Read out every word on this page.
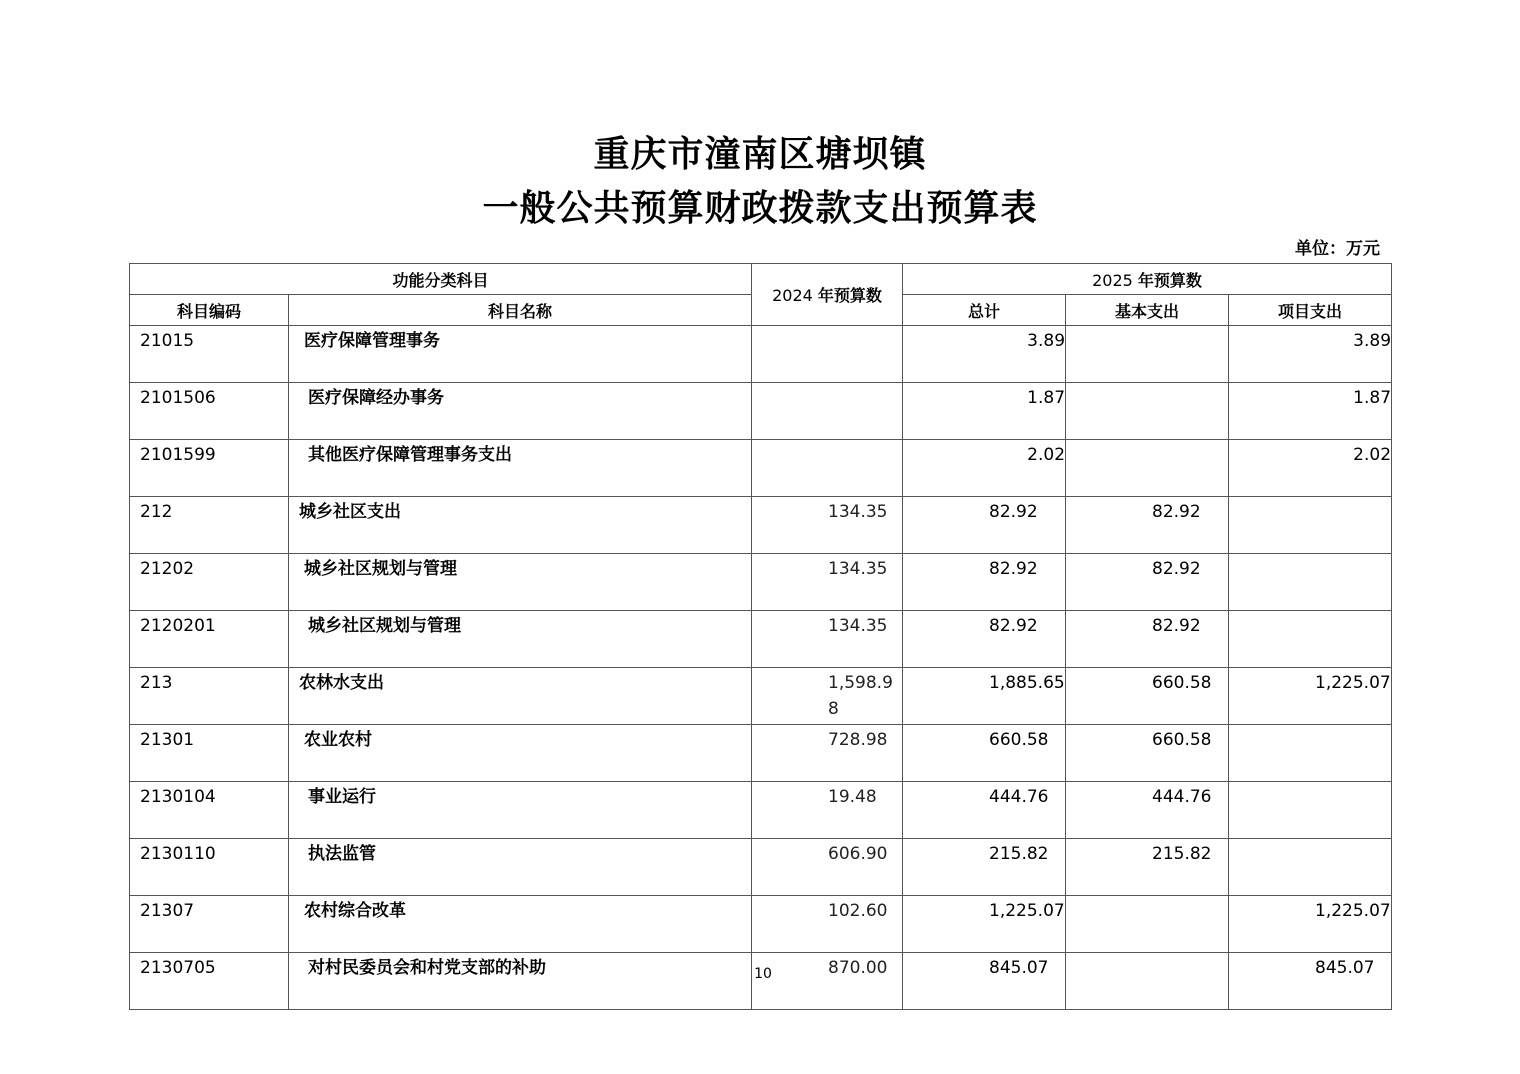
重庆市潼南区塘坝镇
一般公共预算财政拨款支出预算表
单位：万元
功能分类科目		2024 年预算数	2025 年预算数		
科目编码	科目名称		总计	基本支出	项目支出
21015	医疗保障管理事务		3.89		3.89

2101506	医疗保障经办事务		1.87		1.87

2101599	其他医疗保障管理事务支出		2.02		2.02

212	城乡社区支出	134.35	82.92	82.92	

21202	城乡社区规划与管理	134.35	82.92	82.92	

2120201	城乡社区规划与管理	134.35	82.92	82.92	

213	农林水支出	1,598.98	1,885.65	660.58	1,225.07

21301	农业农村	728.98	660.58	660.58	

2130104	事业运行	19.48	444.76	444.76	

2130110	执法监管	606.90	215.82	215.82	

21307	农村综合改革	102.60	1,225.07		1,225.07

2130705	对村民委员会和村党支部的补助	870.00	845.07		845.07
10
